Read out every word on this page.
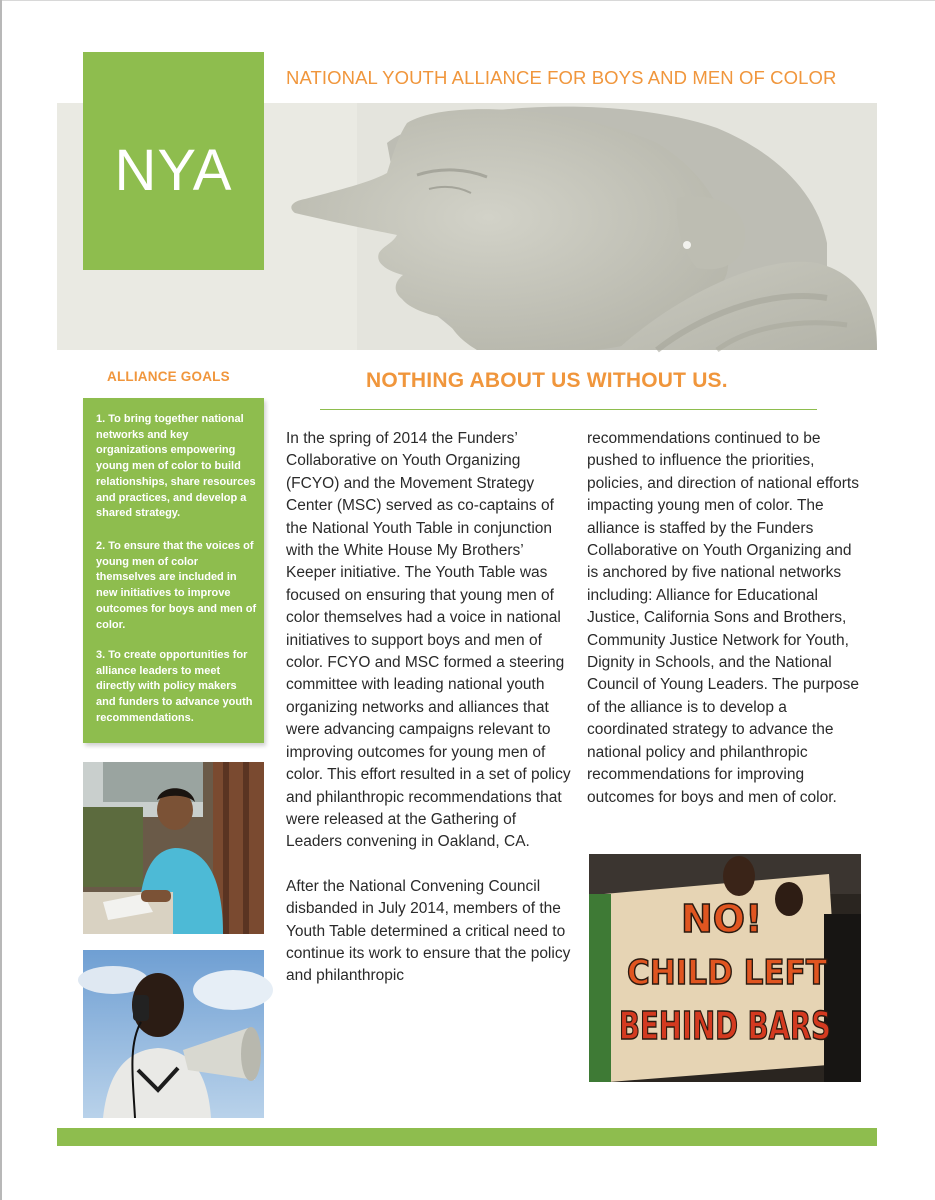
NYA
NATIONAL YOUTH ALLIANCE FOR BOYS AND MEN OF COLOR
ALLIANCE GOALS
1. To bring together national networks and key organizations empowering young men of color to build relationships, share resources and practices, and develop a shared strategy.
2. To ensure that the voices of young men of color themselves are included in new initiatives to improve outcomes for boys and men of color.
3. To create opportunities for alliance leaders to meet directly with policy makers and funders to advance youth recommendations.
NOTHING ABOUT US WITHOUT US.

In the spring of 2014 the Funders’ Collaborative on Youth Organizing (FCYO) and the Movement Strategy Center (MSC) served as co-captains of the National Youth Table in conjunction with the White House My Brothers’ Keeper initiative. The Youth Table was focused on ensuring that young men of color themselves had a voice in national initiatives to support boys and men of color. FCYO and MSC formed a steering committee with leading national youth organizing networks and alliances that were advancing campaigns relevant to improving outcomes for young men of color. This effort resulted in a set of policy and philanthropic recommendations that were released at the Gathering of Leaders convening in Oakland, CA.

After the National Convening Council disbanded in July 2014, members of the Youth Table determined a critical need to continue its work to ensure that the policy and philanthropic

recommendations continued to be pushed to influence the priorities, policies, and direction of national efforts impacting young men of color. The alliance is staffed by the Funders Collaborative on Youth Organizing and is anchored by five national networks including: Alliance for Educational Justice, California Sons and Brothers, Community Justice Network for Youth, Dignity in Schools, and the National Council of Young Leaders. The purpose of the alliance is to develop a coordinated strategy to advance the national policy and philanthropic recommendations for improving outcomes for boys and men of color.

NO!
CHILD LEFT
BEHIND BARS
